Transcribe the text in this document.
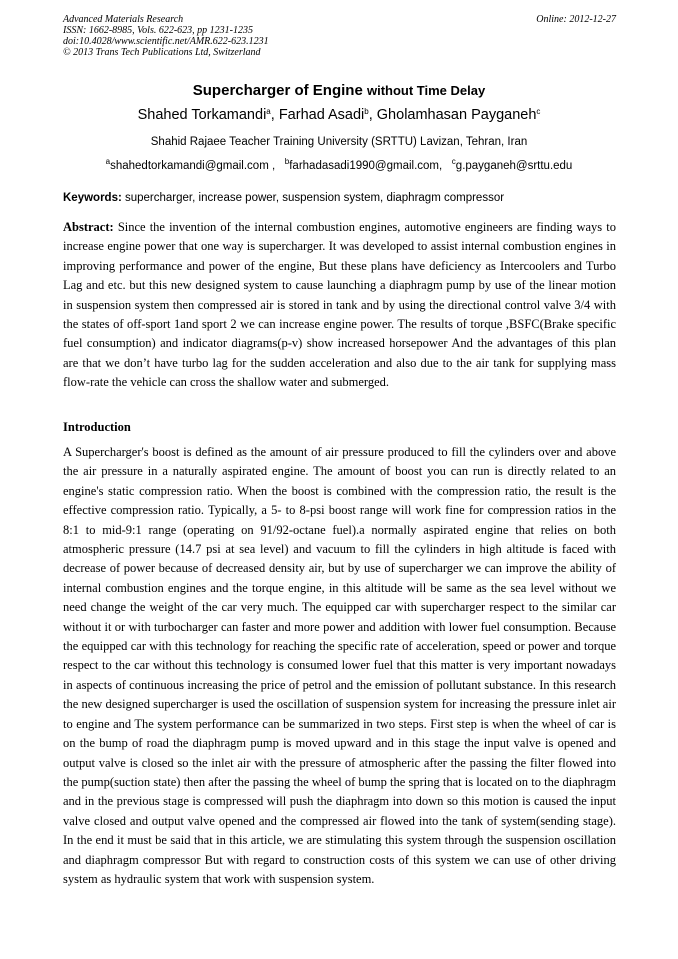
Advanced Materials Research
ISSN: 1662-8985, Vols. 622-623, pp 1231-1235
doi:10.4028/www.scientific.net/AMR.622-623.1231
© 2013 Trans Tech Publications Ltd, Switzerland
Online: 2012-12-27
Supercharger of Engine without Time Delay
Shahed Torkamandi$^a$, Farhad Asadi$^b$, Gholamhasan Payganeh$^c$
Shahid Rajaee Teacher Training University (SRTTU) Lavizan, Tehran, Iran
$^a$shahedtorkamandi@gmail.com , $^b$farhadasadi1990@gmail.com, $^c$g.payganeh@srttu.edu
Keywords: supercharger, increase power, suspension system, diaphragm compressor
Abstract: Since the invention of the internal combustion engines, automotive engineers are finding ways to increase engine power that one way is supercharger. It was developed to assist internal combustion engines in improving performance and power of the engine, But these plans have deficiency as Intercoolers and Turbo Lag and etc. but this new designed system to cause launching a diaphragm pump by use of the linear motion in suspension system then compressed air is stored in tank and by using the directional control valve 3/4 with the states of off-sport 1and sport 2 we can increase engine power. The results of torque ,BSFC(Brake specific fuel consumption) and indicator diagrams(p-v) show increased horsepower And the advantages of this plan are that we don’t have turbo lag for the sudden acceleration and also due to the air tank for supplying mass flow-rate the vehicle can cross the shallow water and submerged.
Introduction
A Supercharger's boost is defined as the amount of air pressure produced to fill the cylinders over and above the air pressure in a naturally aspirated engine. The amount of boost you can run is directly related to an engine's static compression ratio. When the boost is combined with the compression ratio, the result is the effective compression ratio. Typically, a 5- to 8-psi boost range will work fine for compression ratios in the 8:1 to mid-9:1 range (operating on 91/92-octane fuel).a normally aspirated engine that relies on both atmospheric pressure (14.7 psi at sea level) and vacuum to fill the cylinders in high altitude is faced with decrease of power because of decreased density air, but by use of supercharger we can improve the ability of internal combustion engines and the torque engine, in this altitude will be same as the sea level without we need change the weight of the car very much. The equipped car with supercharger respect to the similar car without it or with turbocharger can faster and more power and addition with lower fuel consumption. Because the equipped car with this technology for reaching the specific rate of acceleration, speed or power and torque respect to the car without this technology is consumed lower fuel that this matter is very important nowadays in aspects of continuous increasing the price of petrol and the emission of pollutant substance. In this research the new designed supercharger is used the oscillation of suspension system for increasing the pressure inlet air to engine and The system performance can be summarized in two steps. First step is when the wheel of car is on the bump of road the diaphragm pump is moved upward and in this stage the input valve is opened and output valve is closed so the inlet air with the pressure of atmospheric after the passing the filter flowed into the pump(suction state) then after the passing the wheel of bump the spring that is located on to the diaphragm and in the previous stage is compressed will push the diaphragm into down so this motion is caused the input valve closed and output valve opened and the compressed air flowed into the tank of system(sending stage). In the end it must be said that in this article, we are stimulating this system through the suspension oscillation and diaphragm compressor But with regard to construction costs of this system we can use of other driving system as hydraulic system that work with suspension system.
